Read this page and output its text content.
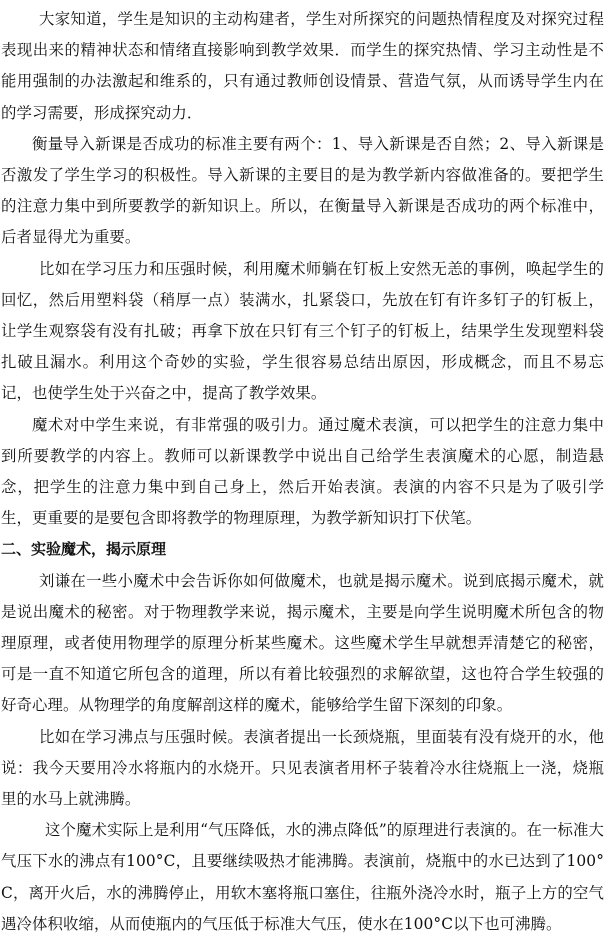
大家知道，学生是知识的主动构建者，学生对所探究的问题热情程度及对探究过程表现出来的精神状态和情绪直接影响到教学效果．而学生的探究热情、学习主动性是不能用强制的办法激起和维系的，只有通过教师创设情景、营造气氛，从而诱导学生内在的学习需要，形成探究动力．

衡量导入新课是否成功的标准主要有两个：1、导入新课是否自然；2、导入新课是否激发了学生学习的积极性。导入新课的主要目的是为教学新内容做准备的。要把学生的注意力集中到所要教学的新知识上。所以，在衡量导入新课是否成功的两个标准中，后者显得尤为重要。

比如在学习压力和压强时候，利用魔术师躺在钉板上安然无恙的事例，唤起学生的回忆，然后用塑料袋（稍厚一点）装满水，扎紧袋口，先放在钉有许多钉子的钉板上，让学生观察袋有没有扎破；再拿下放在只钉有三个钉子的钉板上，结果学生发现塑料袋扎破且漏水。利用这个奇妙的实验，学生很容易总结出原因，形成概念，而且不易忘记，也使学生处于兴奋之中，提高了教学效果。

魔术对中学生来说，有非常强的吸引力。通过魔术表演，可以把学生的注意力集中到所要教学的内容上。教师可以新课教学中说出自己给学生表演魔术的心愿，制造悬念，把学生的注意力集中到自己身上，然后开始表演。表演的内容不只是为了吸引学生，更重要的是要包含即将教学的物理原理，为教学新知识打下伏笔。

二、实验魔术，揭示原理

刘谦在一些小魔术中会告诉你如何做魔术，也就是揭示魔术。说到底揭示魔术，就是说出魔术的秘密。对于物理教学来说，揭示魔术，主要是向学生说明魔术所包含的物理原理，或者使用物理学的原理分析某些魔术。这些魔术学生早就想弄清楚它的秘密，可是一直不知道它所包含的道理，所以有着比较强烈的求解欲望，这也符合学生较强的好奇心理。从物理学的角度解剖这样的魔术，能够给学生留下深刻的印象。

比如在学习沸点与压强时候。表演者提出一长颈烧瓶，里面装有没有烧开的水，他说：我今天要用冷水将瓶内的水烧开。只见表演者用杯子装着冷水往烧瓶上一浇，烧瓶里的水马上就沸腾。

这个魔术实际上是利用“气压降低，水的沸点降低”的原理进行表演的。在一标准大气压下水的沸点有100°C，且要继续吸热才能沸腾。表演前，烧瓶中的水已达到了100°C，离开火后，水的沸腾停止，用软木塞将瓶口塞住，往瓶外浇冷水时，瓶子上方的空气遇冷体积收缩，从而使瓶内的气压低于标准大气压，使水在100°C以下也可沸腾。
